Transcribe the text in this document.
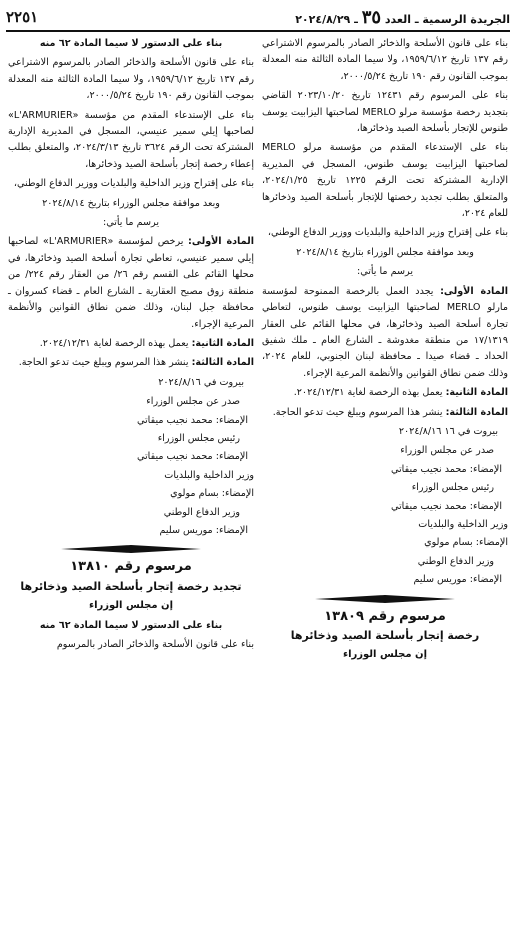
٢٢٥١	الجريدة الرسمية ـ العدد ٣٥ ـ ٢٠٢٤/٨/٢٩

بناء على قانون الأسلحة والذخائر الصادر بالمرسوم الاشتراعي رقم ١٣٧ تاريخ ١٩٥٩/٦/١٢، ولا سيما المادة الثالثة منه المعدلة بموجب القانون رقم ١٩٠ تاريخ ٢٠٠٠/٥/٢٤،

بناء على المرسوم رقم ١٢٤٣١ تاريخ ٢٠٢٣/١٠/٢٠ القاضي بتجديد رخصة مؤسسة مرلو MERLO لصاحبتها اليزابيت يوسف طنوس للإتجار بأسلحة الصيد وذخائرها،

بناء على الإستدعاء المقدم من مؤسسة مرلو MERLO لصاحبتها اليزابيت يوسف طنوس، المسجل في المديرية الإدارية المشتركة تحت الرقم ١٢٢٥ تاريخ ٢٠٢٤/١/٢٥، والمتعلق بطلب تجديد رخصتها للإتجار بأسلحة الصيد وذخائرها للعام ٢٠٢٤،

بناء على إقتراح وزير الداخلية والبلديات ووزير الدفاع الوطني،

وبعد موافقة مجلس الوزراء بتاريخ ٢٠٢٤/٨/١٤

يرسم ما يأتي:

المادة الأولى: يجدد العمل بالرخصة الممنوحة لمؤسسة مارلو MERLO لصاحبتها اليزابيت يوسف طنوس، لتعاطي تجارة أسلحة الصيد وذخائرها، في محلها القائم على العقار ١٧/١٣١٩ من منطقة مغدوشة ـ الشارع العام ـ ملك شفيق الحداد ـ قضاء صيدا ـ محافظة لبنان الجنوبي، للعام ٢٠٢٤، وذلك ضمن نطاق القوانين والأنظمة المرعية الإجراء.

المادة الثانية: يعمل بهذه الرخصة لغاية ٢٠٢٤/١٢/٣١.

المادة الثالثة: ينشر هذا المرسوم ويبلغ حيث تدعو الحاجة.

بيروت في ١٦ ٢٠٢٤/٨/١٦

صدر عن مجلس الوزراء

الإمضاء: محمد نجيب ميقاتي

رئيس مجلس الوزراء

الإمضاء: محمد نجيب ميقاتي

وزير الداخلية والبلديات

الإمضاء: بسام مولوي

وزير الدفاع الوطني

الإمضاء: موريس سليم

مرسوم رقم ١٣٨٠٩

رخصة إتجار بأسلحة الصيد وذخائرها

إن مجلس الوزراء

بناء على الدستور لا سيما المادة ٦٢ منه

بناء على قانون الأسلحة والذخائر الصادر بالمرسوم الاشتراعي رقم ١٣٧ تاريخ ١٩٥٩/٦/١٢، ولا سيما المادة الثالثة منه المعدلة بموجب القانون رقم ١٩٠ تاريخ ٢٠٠٠/٥/٢٤،

بناء على الإستدعاء المقدم من مؤسسة «L'ARMURIER» لصاحبها إيلي سمير عنيسي، المسجل في المديرية الإدارية المشتركة تحت الرقم ٣٦٢٤ تاريخ ٢٠٢٤/٣/١٣، والمتعلق بطلب إعطاء رخصة إتجار بأسلحة الصيد وذخائرها،

بناء على إقتراح وزير الداخلية والبلديات ووزير الدفاع الوطني،

وبعد موافقة مجلس الوزراء بتاريخ ٢٠٢٤/٨/١٤

يرسم ما يأتي:

المادة الأولى: يرخص لمؤسسة «L'ARMURIER» لصاحبها إيلي سمير عنيسي، تعاطي تجارة أسلحة الصيد وذخائرها، في محلها القائم على القسم رقم ٢٦/ من العقار رقم ٢٢٤/ من منطقة زوق مصبح العقارية ـ الشارع العام ـ قضاء كسروان ـ محافظة جبل لبنان، وذلك ضمن نطاق القوانين والأنظمة المرعية الإجراء.

المادة الثانية: يعمل بهذه الرخصة لغاية ٢٠٢٤/١٢/٣١.

المادة الثالثة: ينشر هذا المرسوم ويبلغ حيث تدعو الحاجة.

بيروت في ٢٠٢٤/٨/١٦

صدر عن مجلس الوزراء

الإمضاء: محمد نجيب ميقاتي

رئيس مجلس الوزراء

الإمضاء: محمد نجيب ميقاتي

وزير الداخلية والبلديات

الإمضاء: بسام مولوي

وزير الدفاع الوطني

الإمضاء: موريس سليم

مرسوم رقم ١٣٨١٠

تجديد رخصة إتجار بأسلحة الصيد وذخائرها

إن مجلس الوزراء

بناء على الدستور لا سيما المادة ٦٢ منه

بناء على قانون الأسلحة والذخائر الصادر بالمرسوم
